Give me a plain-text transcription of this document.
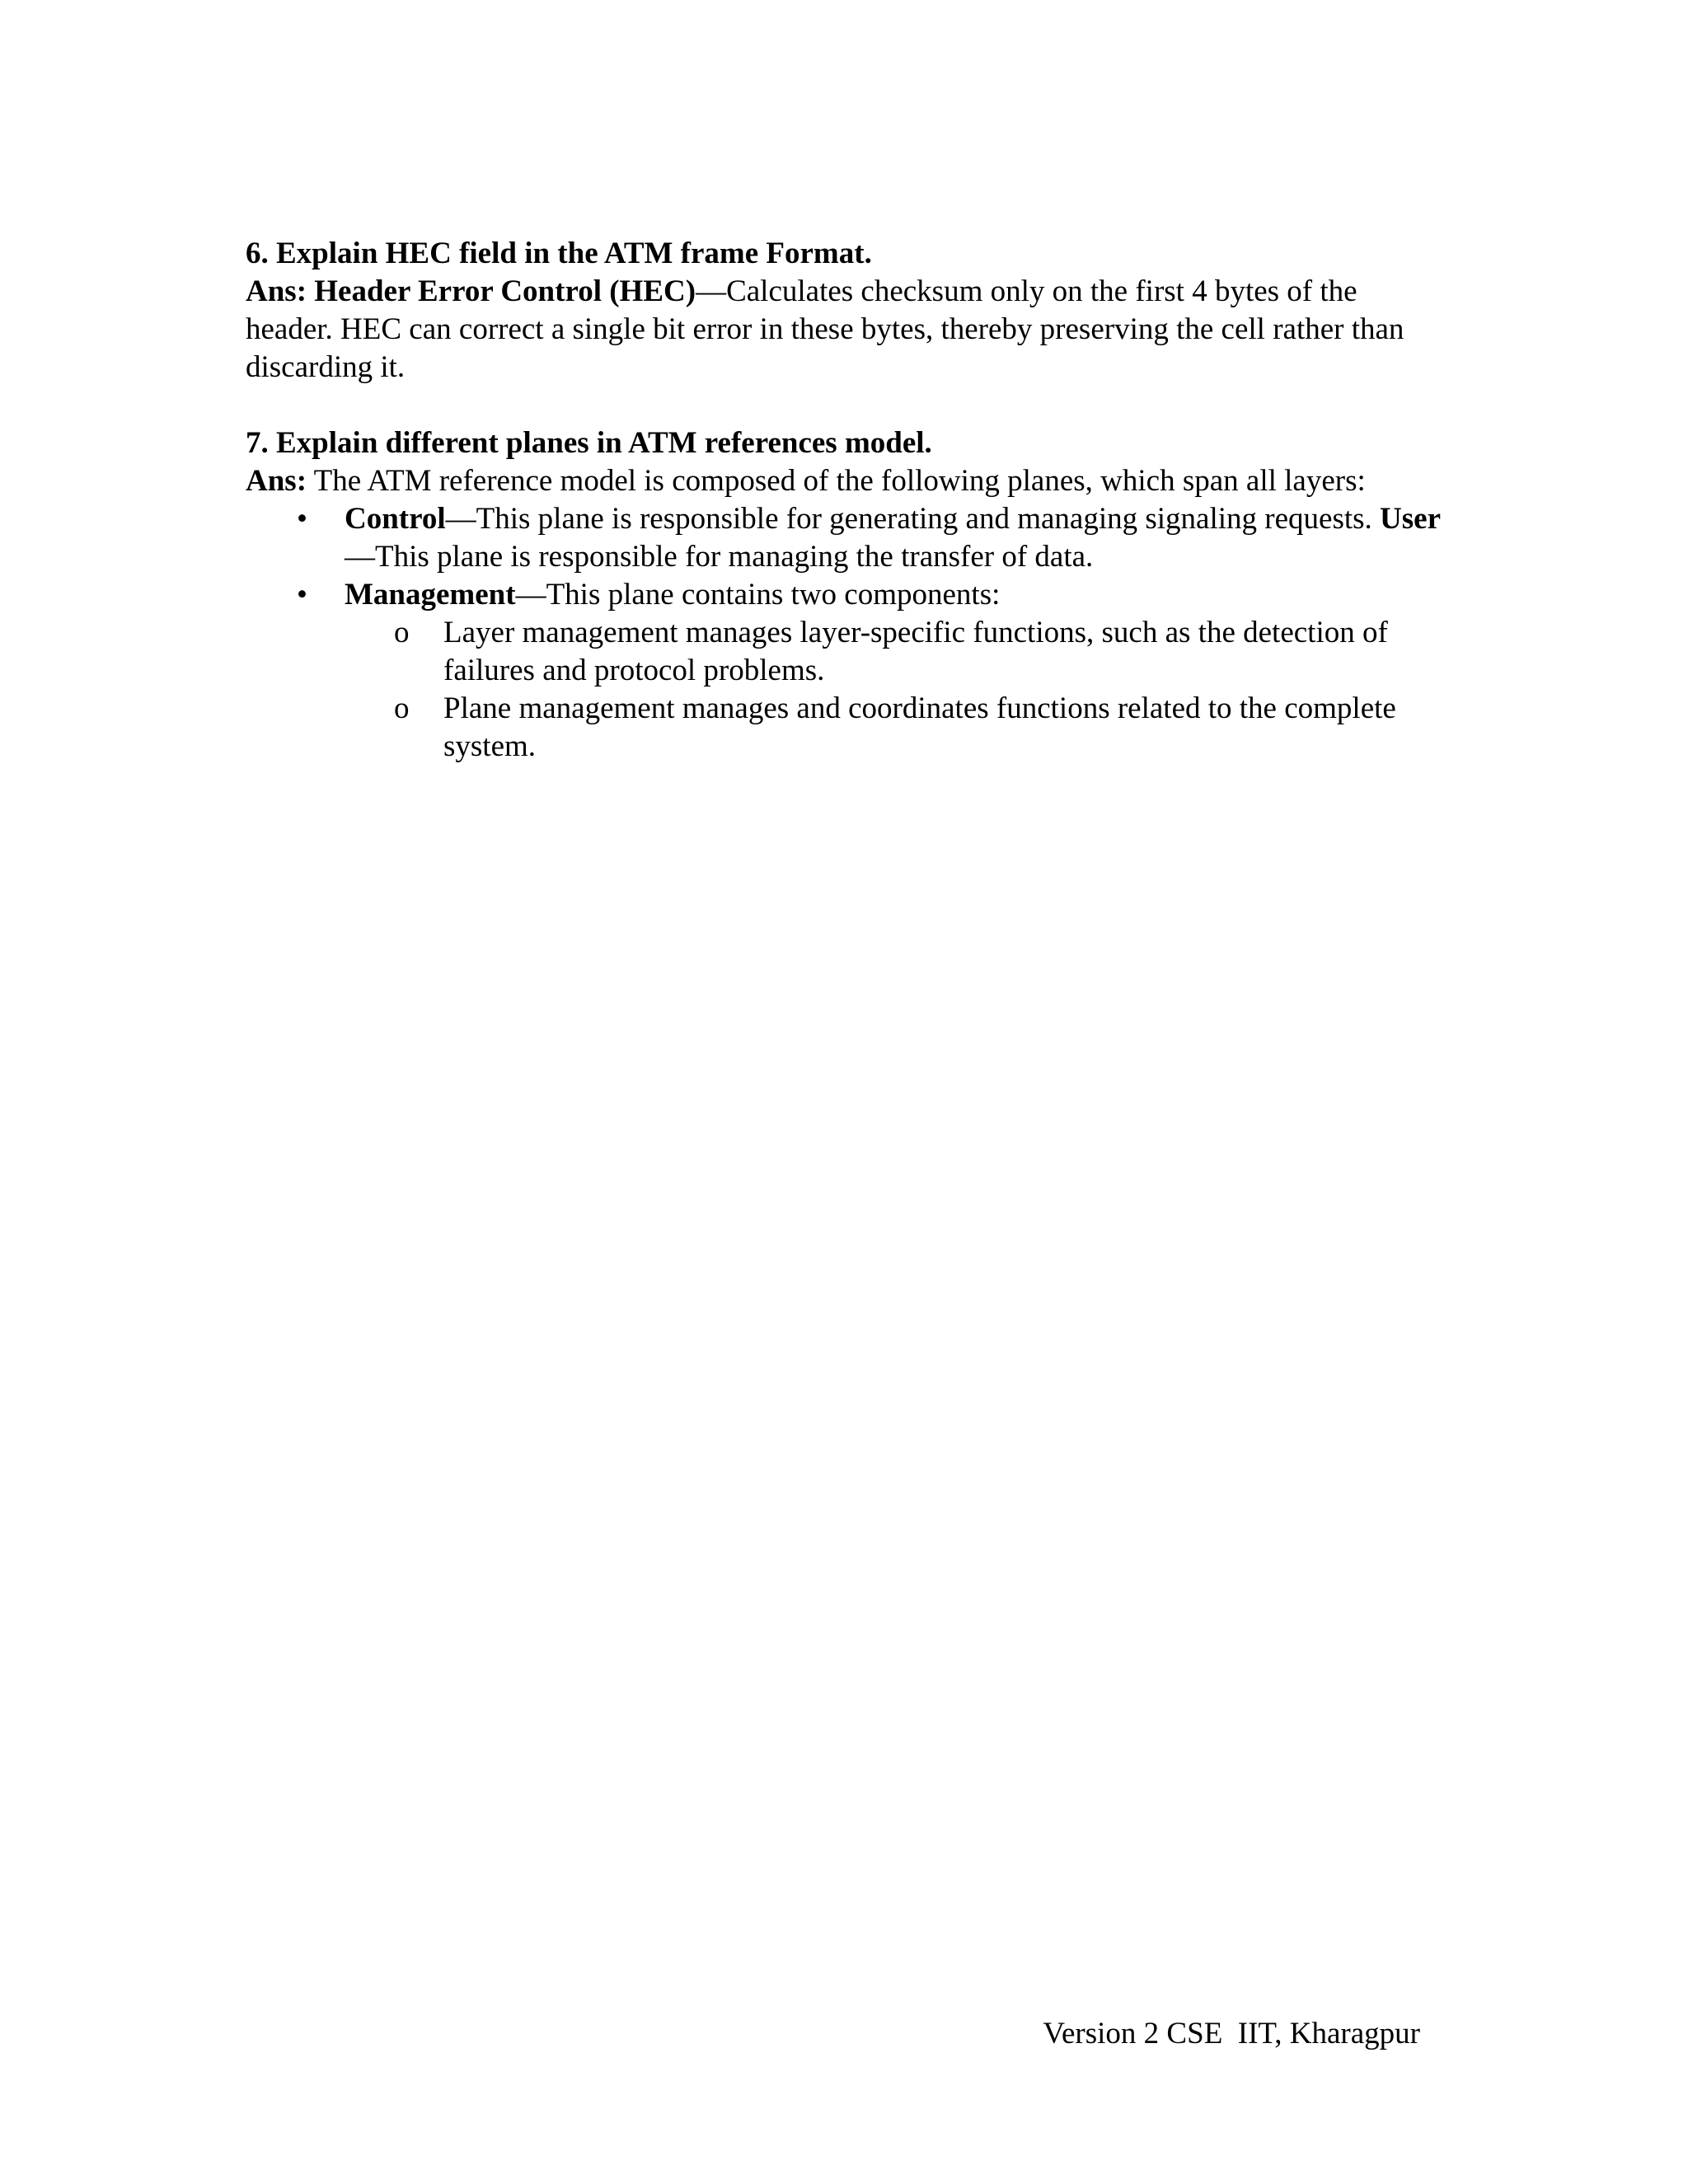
6. Explain HEC field in the ATM frame Format.

Ans: Header Error Control (HEC)—Calculates checksum only on the first 4 bytes of the header. HEC can correct a single bit error in these bytes, thereby preserving the cell rather than discarding it.

7. Explain different planes in ATM references model.

Ans: The ATM reference model is composed of the following planes, which span all layers:

• Control—This plane is responsible for generating and managing signaling requests. User—This plane is responsible for managing the transfer of data.
• Management—This plane contains two components:
o Layer management manages layer-specific functions, such as the detection of failures and protocol problems.
o Plane management manages and coordinates functions related to the complete system.
Version 2 CSE  IIT, Kharagpur
